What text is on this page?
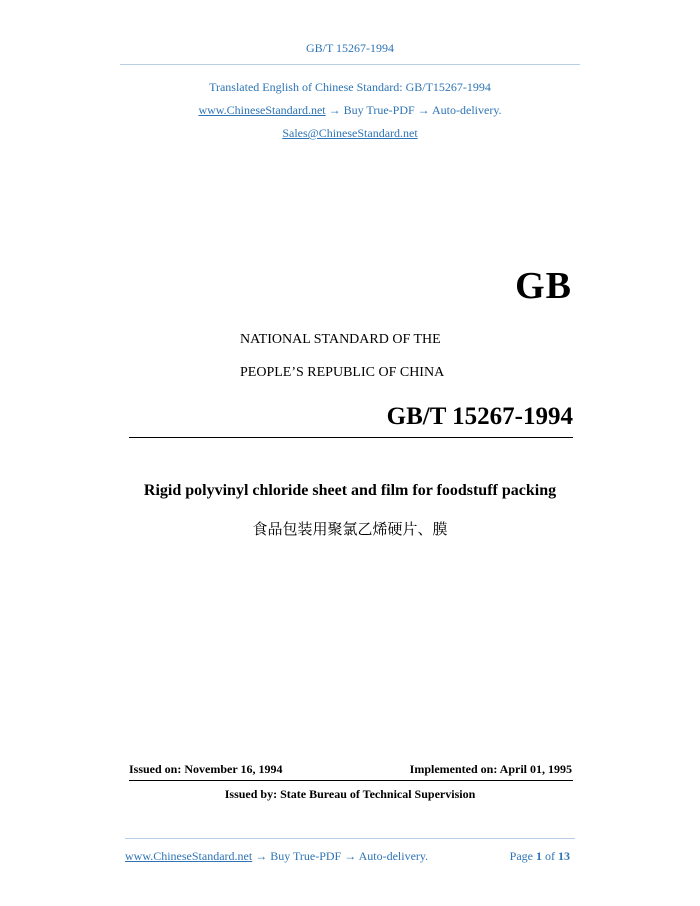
GB/T 15267-1994
Translated English of Chinese Standard: GB/T15267-1994
www.ChineseStandard.net → Buy True-PDF → Auto-delivery.
Sales@ChineseStandard.net
GB
NATIONAL STANDARD OF THE
PEOPLE’S REPUBLIC OF CHINA
GB/T 15267-1994
Rigid polyvinyl chloride sheet and film for foodstuff packing
食品包装用聚氯乙烯硬片、膜
Issued on: November 16, 1994	Implemented on: April 01, 1995
Issued by: State Bureau of Technical Supervision
www.ChineseStandard.net → Buy True-PDF → Auto-delivery.	Page 1 of 13
